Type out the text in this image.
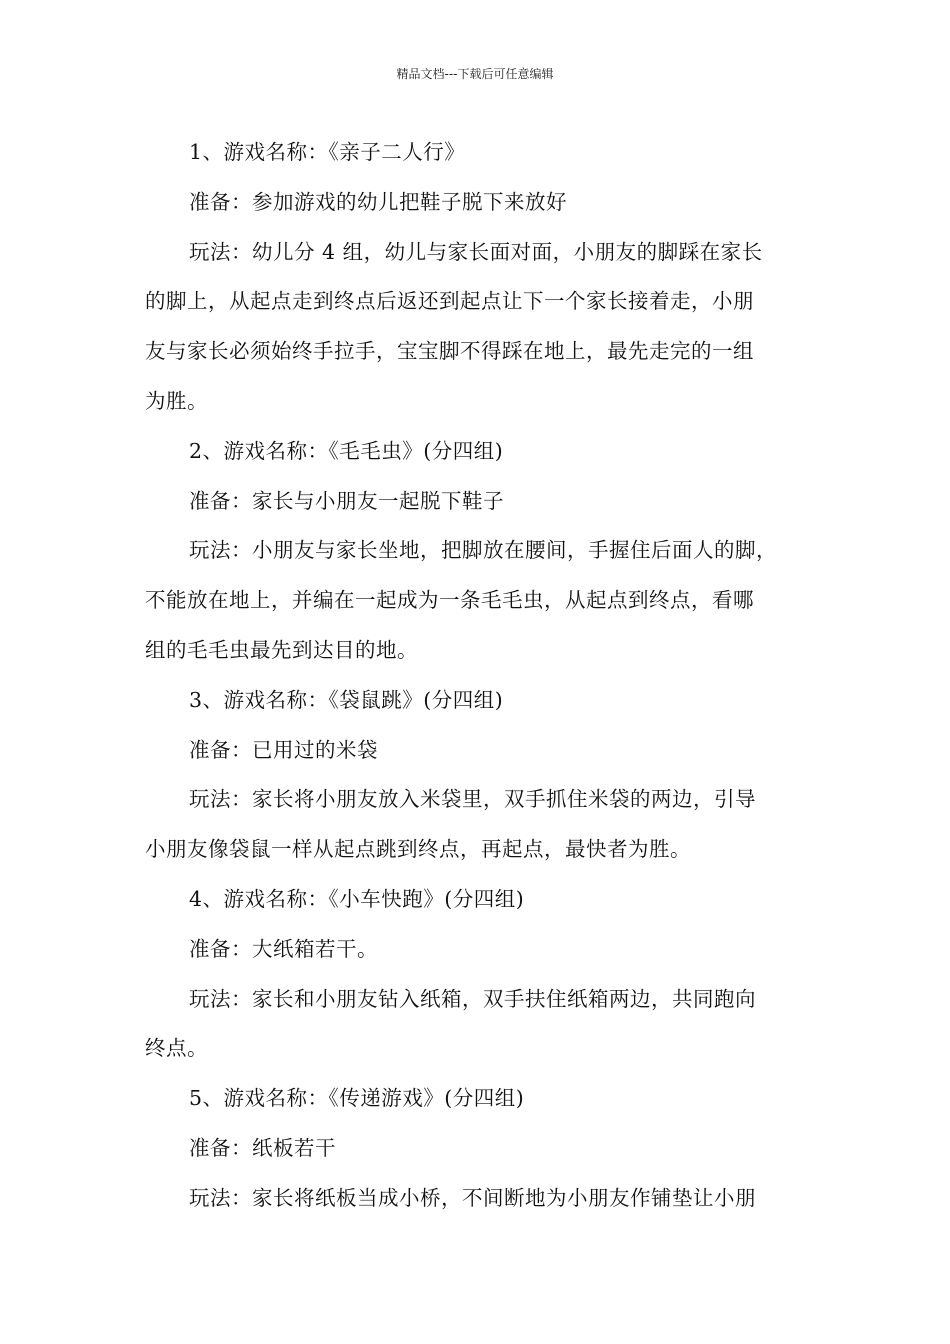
精品文档---下载后可任意编辑

1、游戏名称：《亲子二人行》

准备：参加游戏的幼儿把鞋子脱下来放好

玩法：幼儿分 4 组，幼儿与家长面对面，小朋友的脚踩在家长

的脚上，从起点走到终点后返还到起点让下一个家长接着走，小朋

友与家长必须始终手拉手，宝宝脚不得踩在地上，最先走完的一组

为胜。

2、游戏名称：《毛毛虫》(分四组)

准备：家长与小朋友一起脱下鞋子

玩法：小朋友与家长坐地，把脚放在腰间，手握住后面人的脚，

不能放在地上，并编在一起成为一条毛毛虫，从起点到终点，看哪

组的毛毛虫最先到达目的地。

3、游戏名称：《袋鼠跳》(分四组)

准备：已用过的米袋

玩法：家长将小朋友放入米袋里，双手抓住米袋的两边，引导

小朋友像袋鼠一样从起点跳到终点，再起点，最快者为胜。

4、游戏名称：《小车快跑》(分四组)

准备：大纸箱若干。

玩法：家长和小朋友钻入纸箱，双手扶住纸箱两边，共同跑向

终点。

5、游戏名称：《传递游戏》(分四组)

准备：纸板若干

玩法：家长将纸板当成小桥，不间断地为小朋友作铺垫让小朋
